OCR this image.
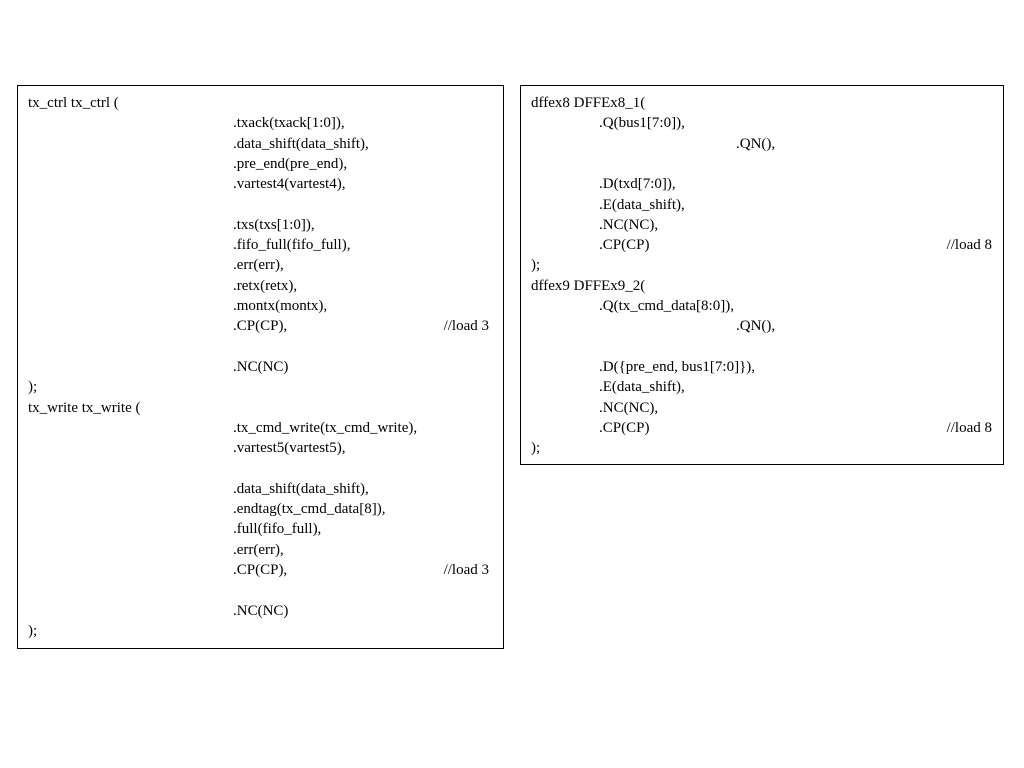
tx_ctrl tx_ctrl (
.txack(txack[1:0]),
.data_shift(data_shift),
.pre_end(pre_end),
.vartest4(vartest4),
.txs(txs[1:0]),
.fifo_full(fifo_full),
.err(err),
.retx(retx),
.montx(montx),
.CP(CP),
.NC(NC)
);
tx_write tx_write (
.tx_cmd_write(tx_cmd_write),
.vartest5(vartest5),
.data_shift(data_shift),
.endtag(tx_cmd_data[8]),
.full(fifo_full),
.err(err),
.CP(CP),
.NC(NC)
);
//load 3
//load 3
dffex8 DFFEx8_1(
.Q(bus1[7:0]),
.QN(),
.D(txd[7:0]),
.E(data_shift),
.NC(NC),
.CP(CP)
);
dffex9 DFFEx9_2(
.Q(tx_cmd_data[8:0]),
.QN(),
.D({pre_end, bus1[7:0]}),
.E(data_shift),
.NC(NC),
.CP(CP)
);
//load 8
//load 8
